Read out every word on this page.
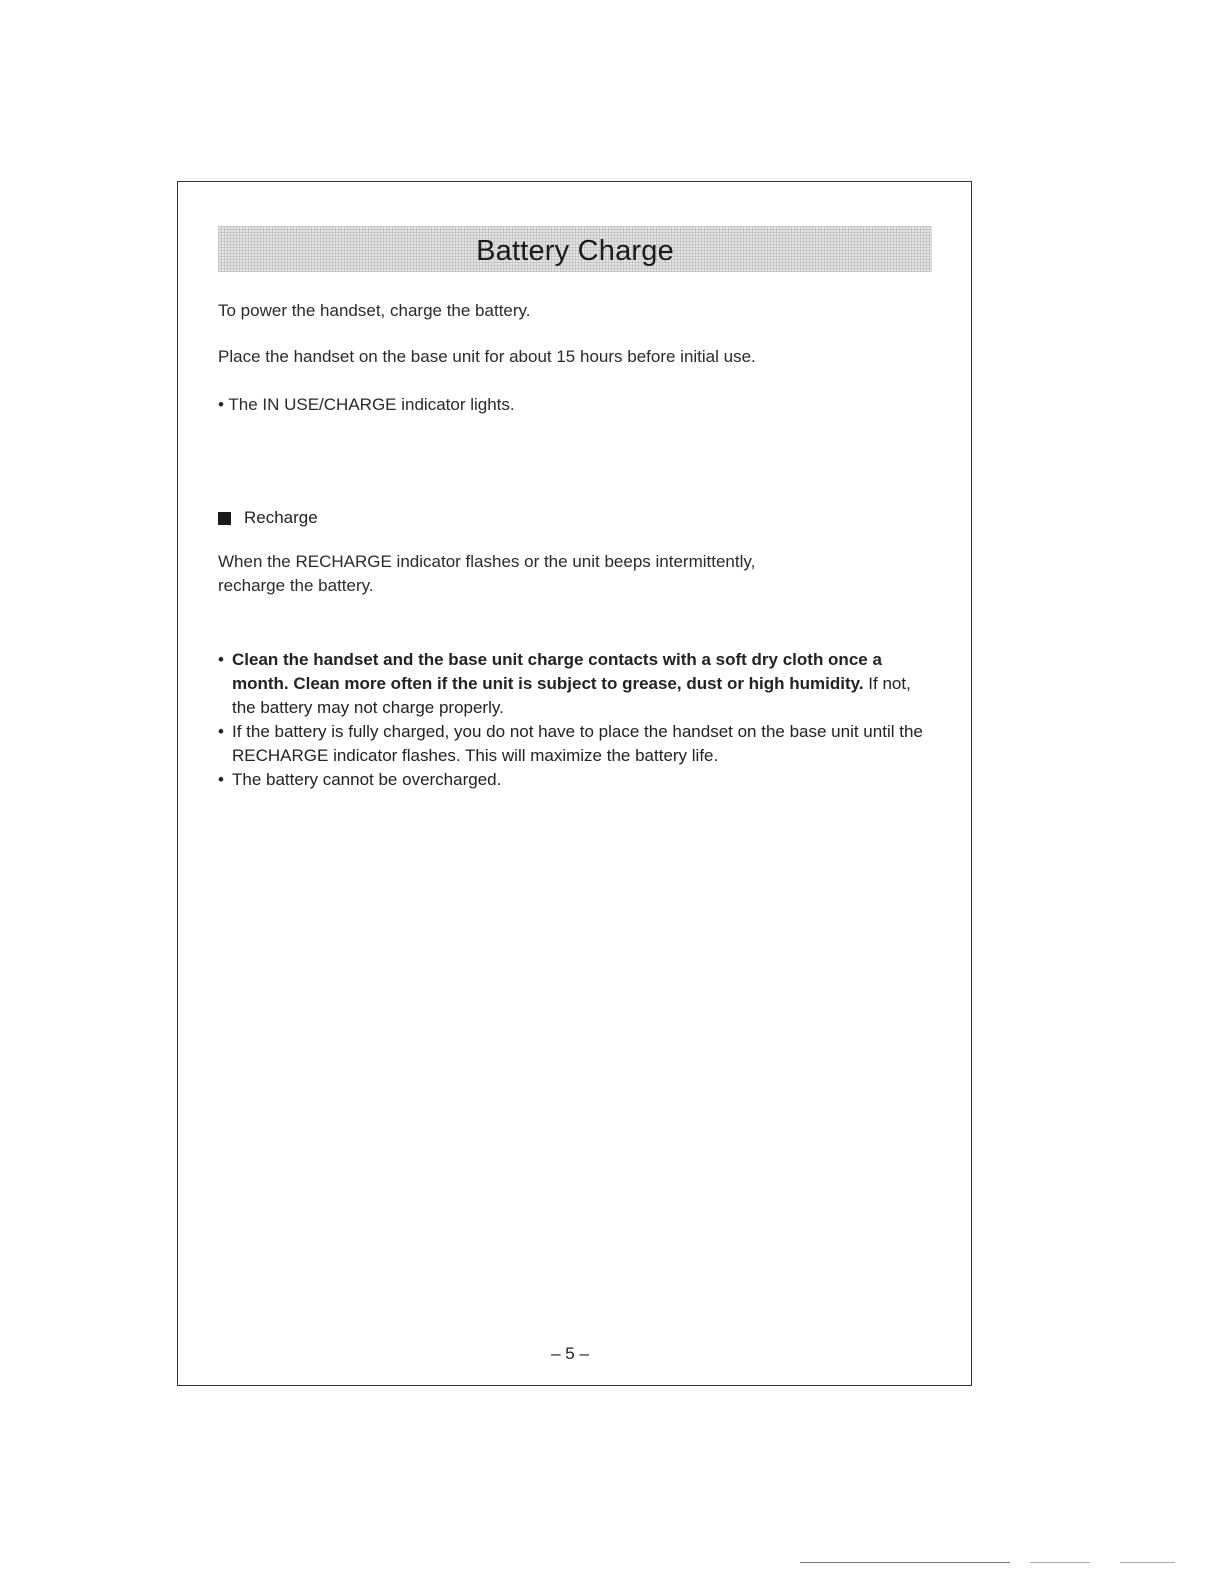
Battery Charge

To power the handset, charge the battery.

Place the handset on the base unit for about 15 hours before initial use.

• The IN USE/CHARGE indicator lights.

Recharge

When the RECHARGE indicator flashes or the unit beeps intermittently,

recharge the battery.

• Clean the handset and the base unit charge contacts with a soft dry cloth once a month. Clean more often if the unit is subject to grease, dust or high humidity. If not, the battery may not charge properly.
• If the battery is fully charged, you do not have to place the handset on the base unit until the RECHARGE indicator flashes. This will maximize the battery life.
• The battery cannot be overcharged.
– 5 –
